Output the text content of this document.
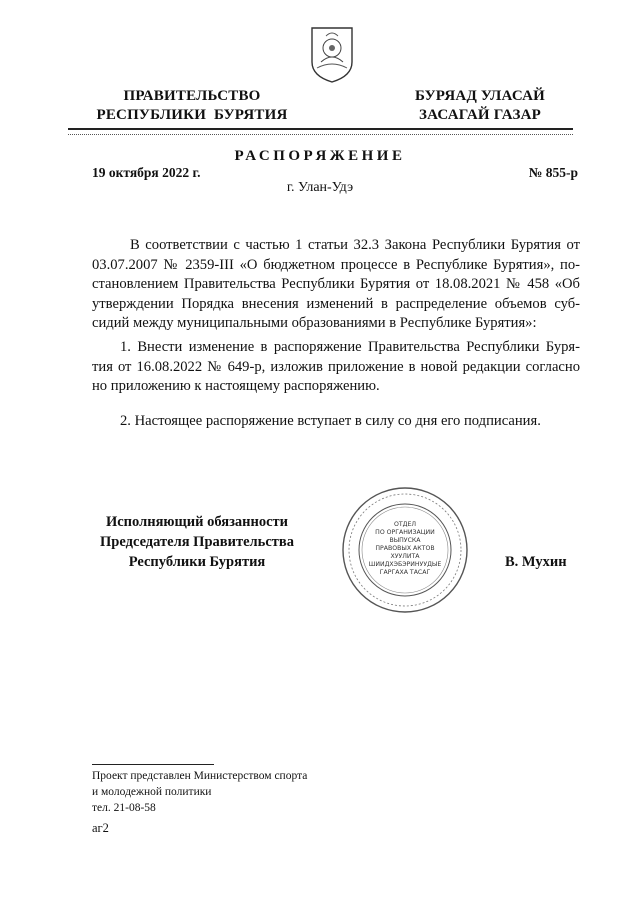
ПРАВИТЕЛЬСТВО
РЕСПУБЛИКИ  БУРЯТИЯ
БУРЯАД УЛАСАЙ
ЗАСАГАЙ ГАЗАР
РАСПОРЯЖЕНИЕ
19 октября 2022 г.	№ 855-р
г. Улан-Удэ
В соответствии с частью 1 статьи 32.3 Закона Республики Бурятия от
03.07.2007 № 2359-III «О бюджетном процессе в Республике Бурятия», по-
становлением Правительства Республики Бурятия от 18.08.2021 № 458 «Об
утверждении Порядка внесения изменений в распределение объемов суб-
сидий между муниципальными образованиями в Республике Бурятия»:
1. Внести изменение в распоряжение Правительства Республики Буря-
тия от 16.08.2022 № 649-р, изложив приложение в новой редакции согласно
но приложению к настоящему распоряжению.
2. Настоящее распоряжение вступает в силу со дня его подписания.
Исполняющий обязанности
Председателя Правительства
Республики Бурятия
ОТДЕЛ
ПО ОРГАНИЗАЦИИ
ВЫПУСКА
ПРАВОВЫХ АКТОВ
ХУУЛИТА
ШИИДХЭБЭРИНУУДЫЕ
ГАРГАХА ТАСАГ
В. Мухин
Проект представлен Министерством спорта
и молодежной политики
тел. 21-08-58
аг2
